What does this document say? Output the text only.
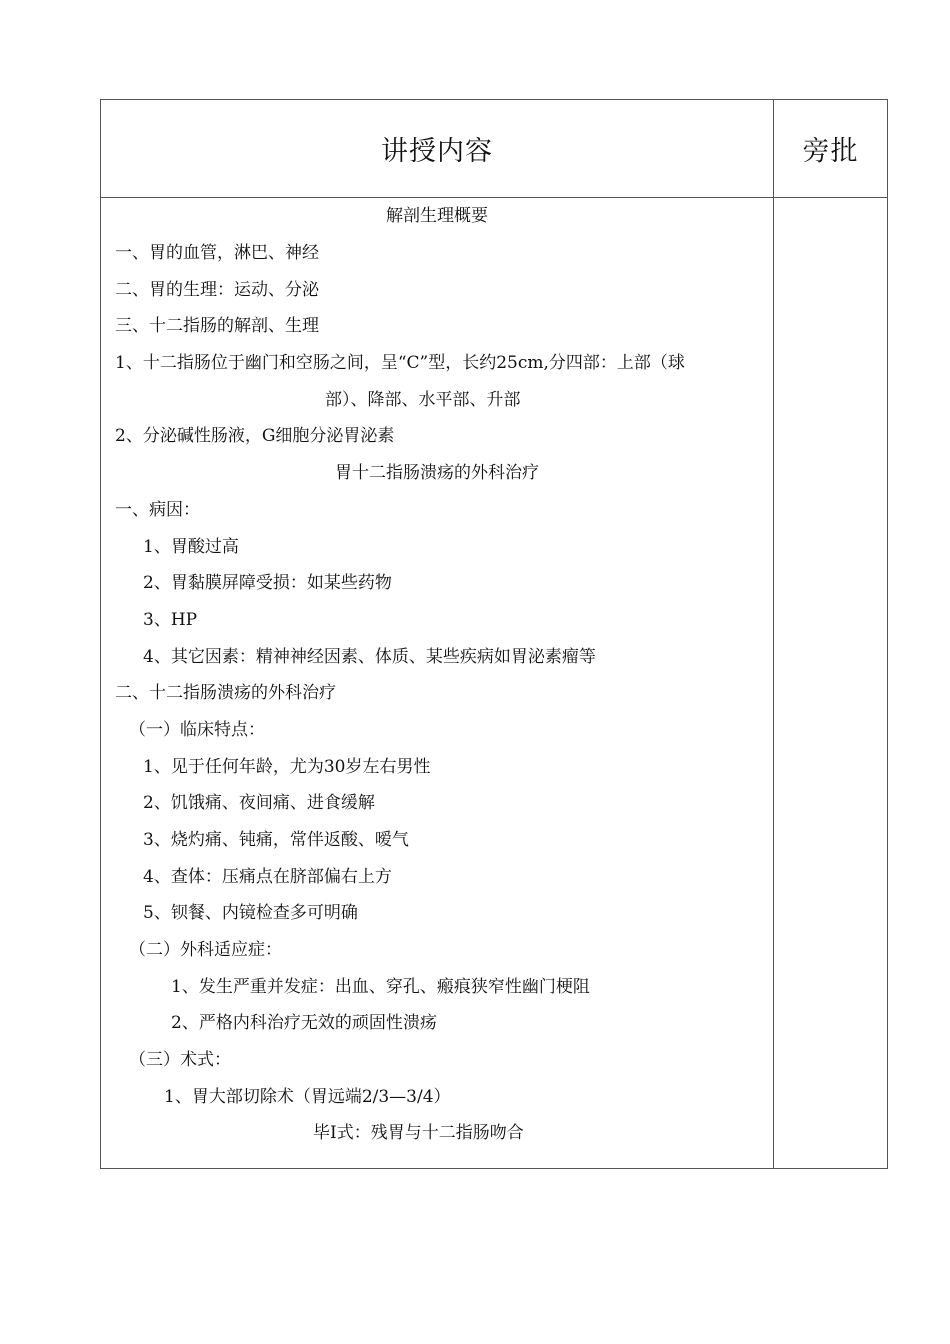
讲授内容	旁批
解剖生理概要
一、胃的血管，淋巴、神经
二、胃的生理：运动、分泌
三、十二指肠的解剖、生理
1、十二指肠位于幽门和空肠之间，呈“C”型，长约25cm,分四部：上部（球
部）、降部、水平部、升部
2、分泌碱性肠液，G细胞分泌胃泌素
胃十二指肠溃疡的外科治疗
一、病因：
1、胃酸过高
2、胃黏膜屏障受损：如某些药物
3、HP
4、其它因素：精神神经因素、体质、某些疾病如胃泌素瘤等
二、十二指肠溃疡的外科治疗
（一）临床特点：
1、见于任何年龄，尤为30岁左右男性
2、饥饿痛、夜间痛、进食缓解
3、烧灼痛、钝痛，常伴返酸、嗳气
4、查体：压痛点在脐部偏右上方
5、钡餐、内镜检查多可明确
（二）外科适应症：
1、发生严重并发症：出血、穿孔、瘢痕狭窄性幽门梗阻
2、严格内科治疗无效的顽固性溃疡
（三）术式：
1、胃大部切除术（胃远端2/3—3/4）
毕I式：残胃与十二指肠吻合
